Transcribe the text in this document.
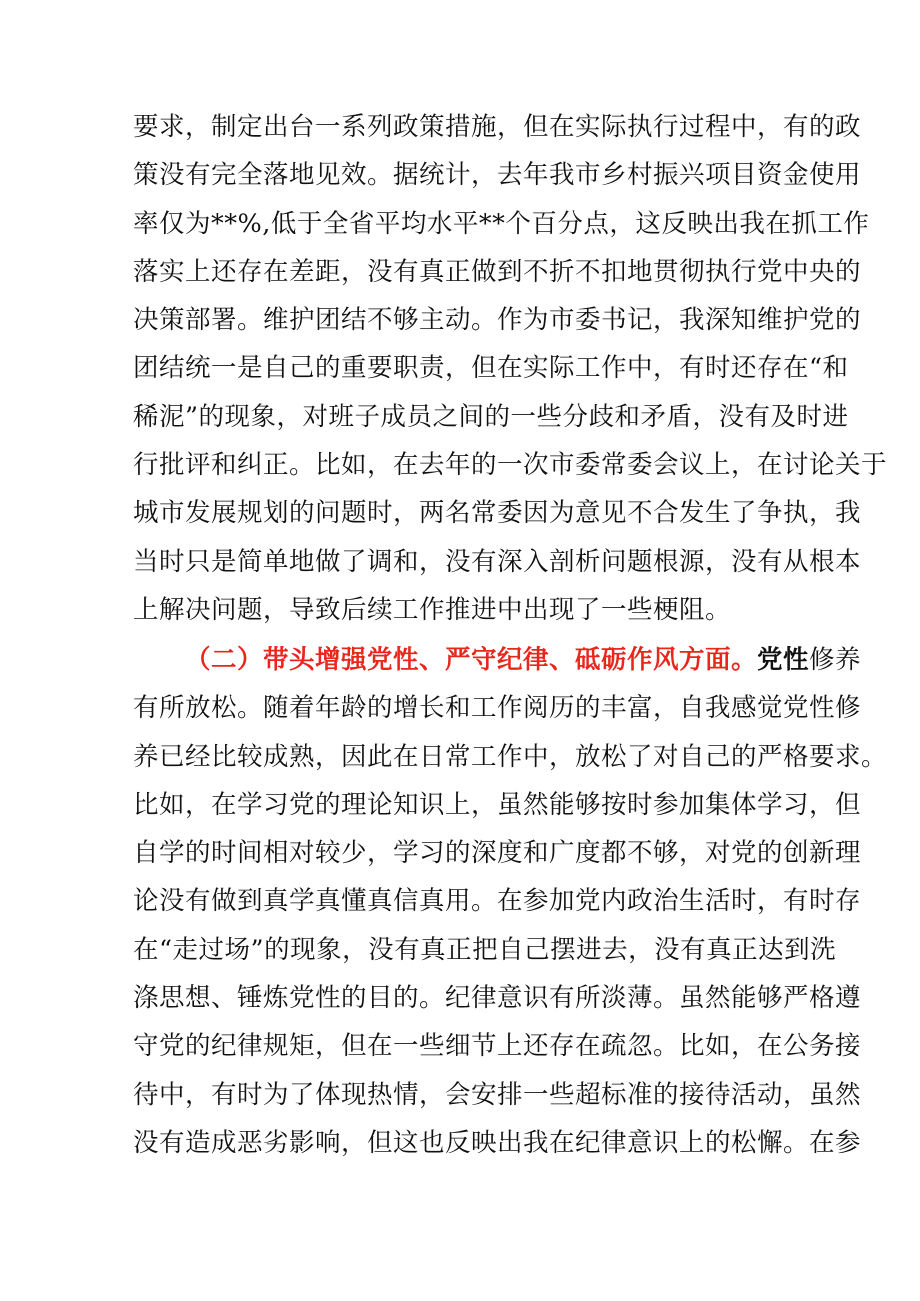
要求，制定出台一系列政策措施，但在实际执行过程中，有的政
策没有完全落地见效。据统计，去年我市乡村振兴项目资金使用
率仅为**%,低于全省平均水平**个百分点，这反映出我在抓工作
落实上还存在差距，没有真正做到不折不扣地贯彻执行党中央的
决策部署。维护团结不够主动。作为市委书记，我深知维护党的
团结统一是自己的重要职责，但在实际工作中，有时还存在“和
稀泥”的现象，对班子成员之间的一些分歧和矛盾，没有及时进
行批评和纠正。比如，在去年的一次市委常委会议上，在讨论关于
城市发展规划的问题时，两名常委因为意见不合发生了争执，我
当时只是简单地做了调和，没有深入剖析问题根源，没有从根本
上解决问题，导致后续工作推进中出现了一些梗阻。
（二）带头增强党性、严守纪律、砥砺作风方面。党性修养
有所放松。随着年龄的增长和工作阅历的丰富，自我感觉党性修
养已经比较成熟，因此在日常工作中，放松了对自己的严格要求。
比如，在学习党的理论知识上，虽然能够按时参加集体学习，但
自学的时间相对较少，学习的深度和广度都不够，对党的创新理
论没有做到真学真懂真信真用。在参加党内政治生活时，有时存
在“走过场”的现象，没有真正把自己摆进去，没有真正达到洗
涤思想、锤炼党性的目的。纪律意识有所淡薄。虽然能够严格遵
守党的纪律规矩，但在一些细节上还存在疏忽。比如，在公务接
待中，有时为了体现热情，会安排一些超标准的接待活动，虽然
没有造成恶劣影响，但这也反映出我在纪律意识上的松懈。在参
